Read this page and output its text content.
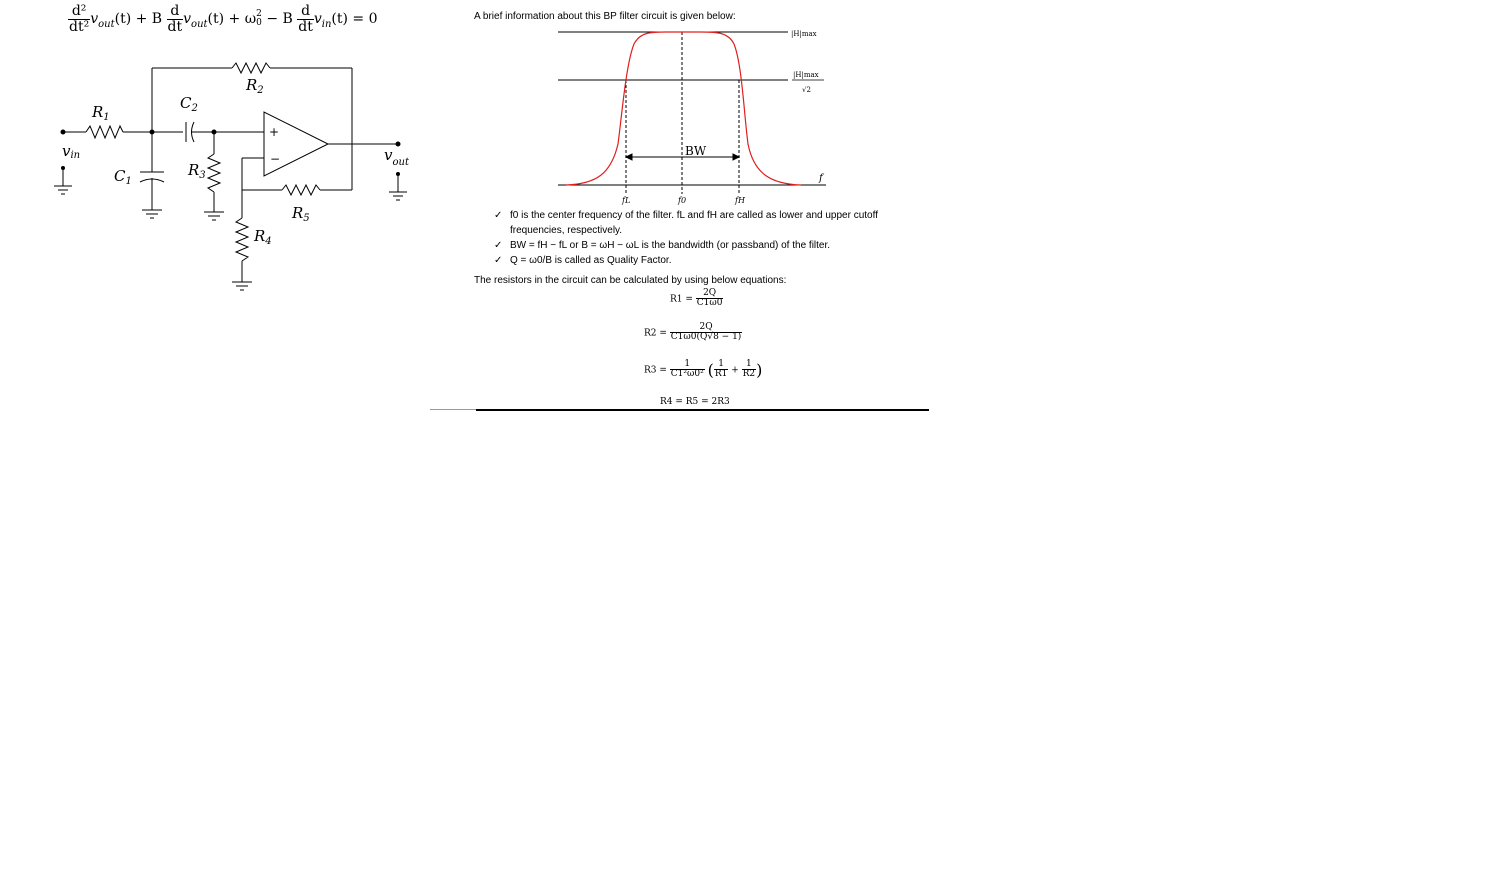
$\frac{\text{d²}}{\text{dt²}} v_{out}(t) + B \frac{d}{dt} v_{out}(t) + \omega$ 2
0 − B $\frac{d}{dt} v_{in}(t) = 0$
$R_1$
$R_2$
$C_2$
$C_1$
$R_3$
$R_5$
$R_4$
vin	$v_{out}$
+
−
A brief information about this BP filter circuit is given below:
BW
f
fL	f0	fH
|H|max
|H|max
√2
✓ f0 is the center frequency of the filter. fL and fH are called as lower and upper cutoff
frequencies, respectively.
✓ BW = fH − fL or B = ωH − ωL is the bandwidth (or passband) of the filter.
✓ Q = ω0/B is called as Quality Factor.
The resistors in the circuit can be calculated by using below equations:
$R1 = \frac{2Q}{C1\omega 0}$
$R2 = \frac{2Q}{C1\omega 0(Q√8 - 1)}$
$R3 = \frac{1}{\text{C1²ω0²}}$ ( $\frac{1}{R1} + \frac{1}{R2}$ )
R4 = R5 = 2R3
